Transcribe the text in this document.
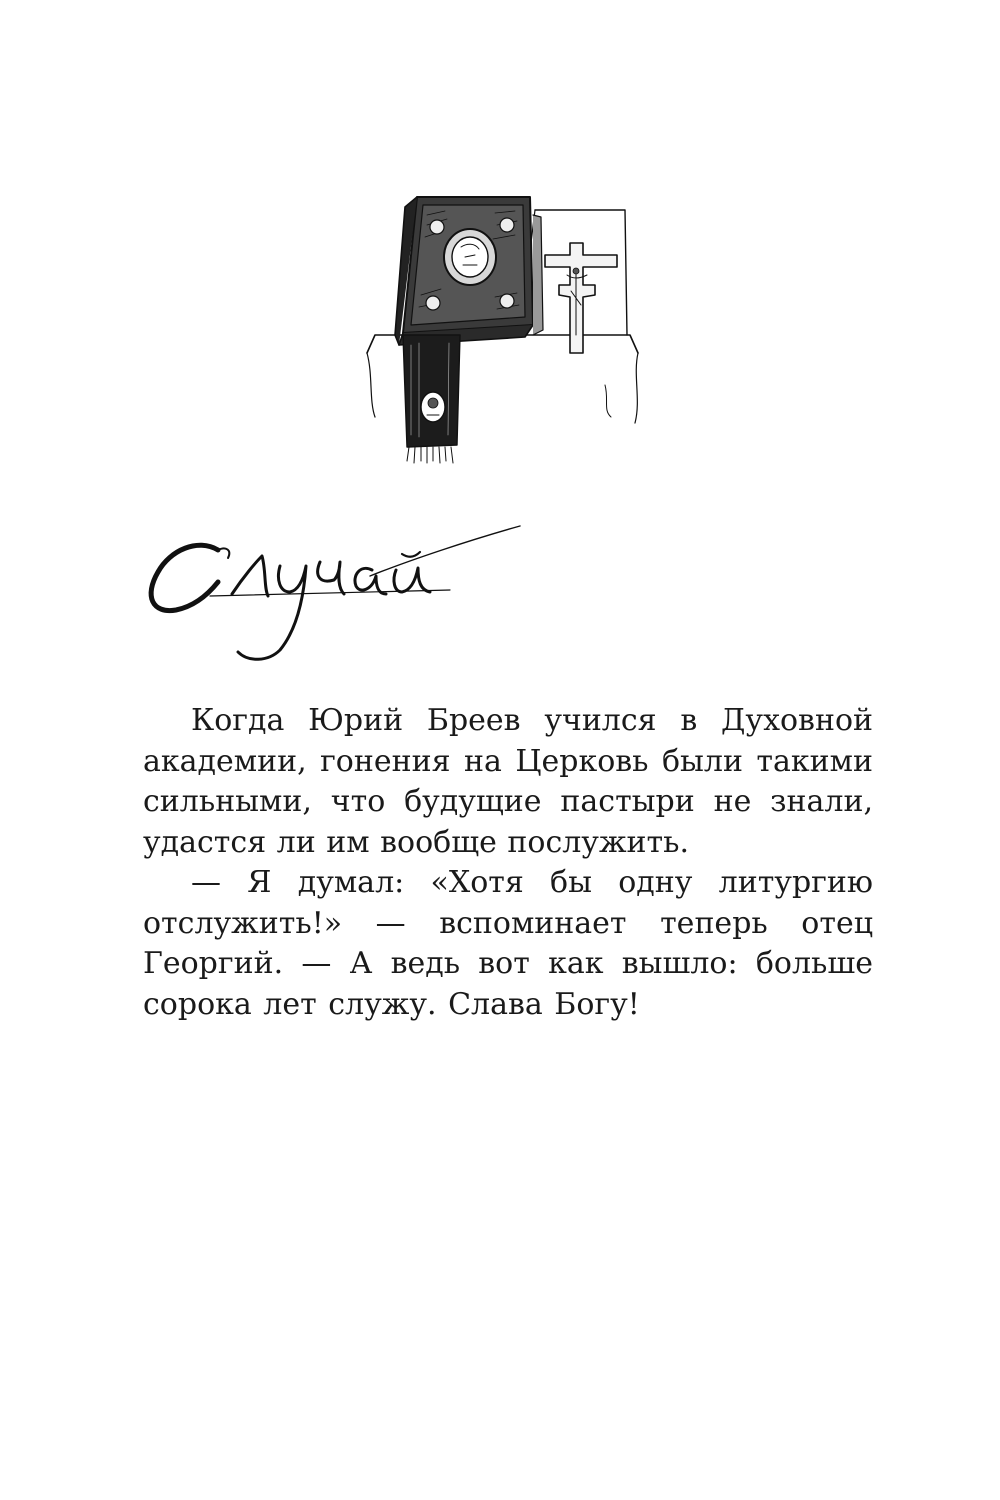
Когда Юрий Бреев учился в Духовной академии, гонения на Церковь были такими сильными, что будущие пастыри не знали, удастся ли им вообще послужить.

— Я думал: «Хотя бы одну литургию отслужить!» — вспоминает теперь отец Георгий. — А ведь вот как вышло: больше сорока лет служу. Слава Богу!
